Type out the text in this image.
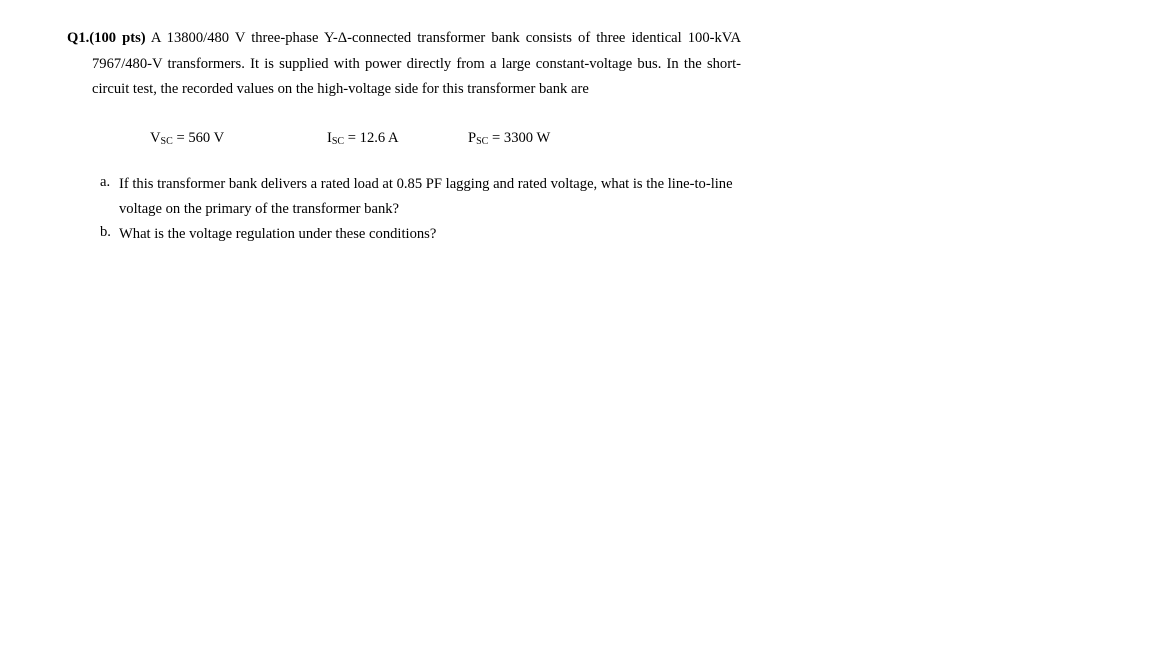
Q1.(100 pts) A 13800/480 V three-phase Y-Δ-connected transformer bank consists of three identical 100-kVA
7967/480-V transformers. It is supplied with power directly from a large constant-voltage bus. In the short-
circuit test, the recorded values on the high-voltage side for this transformer bank are
$V_{SC} = 560$ V	$I_{SC} = 12.6$ A	$P_{SC} = 3300$ W
a. If this transformer bank delivers a rated load at 0.85 PF lagging and rated voltage, what is the line-to-line
voltage on the primary of the transformer bank?
b. What is the voltage regulation under these conditions?
